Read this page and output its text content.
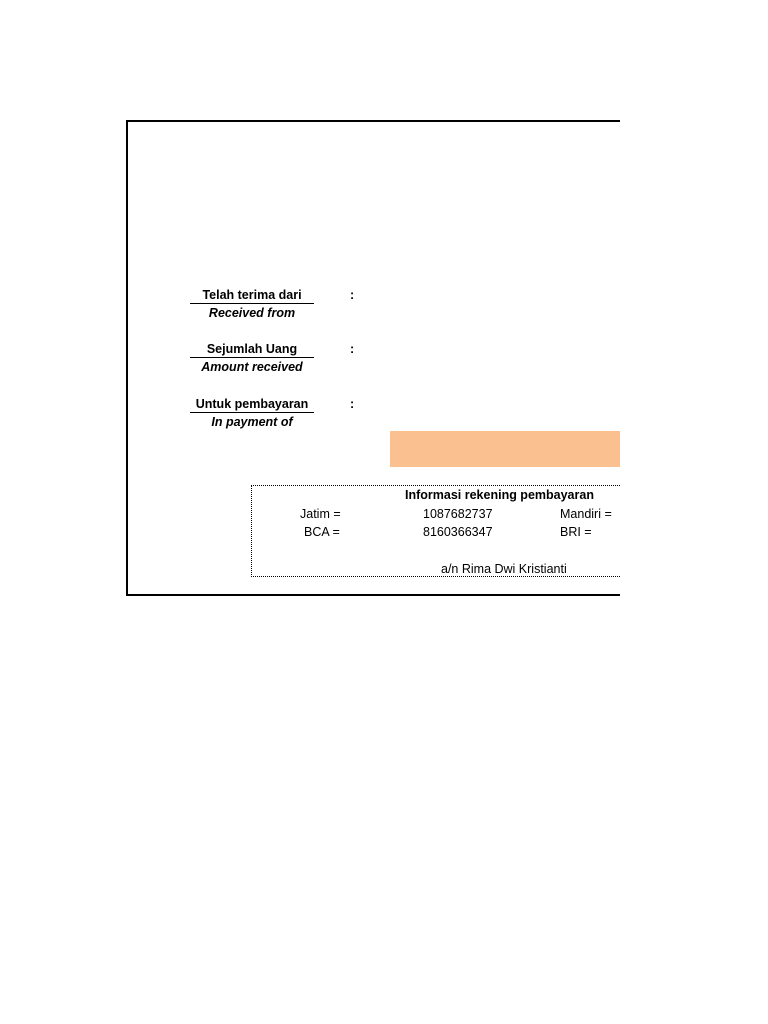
Telah terima dari
Received from
:
Sejumlah Uang
Amount received
:
Untuk pembayaran
In payment of
:
Informasi rekening pembayaran
Jatim =	1087682737	Mandiri =
BCA =	8160366347	BRI =
a/n Rima Dwi Kristianti
